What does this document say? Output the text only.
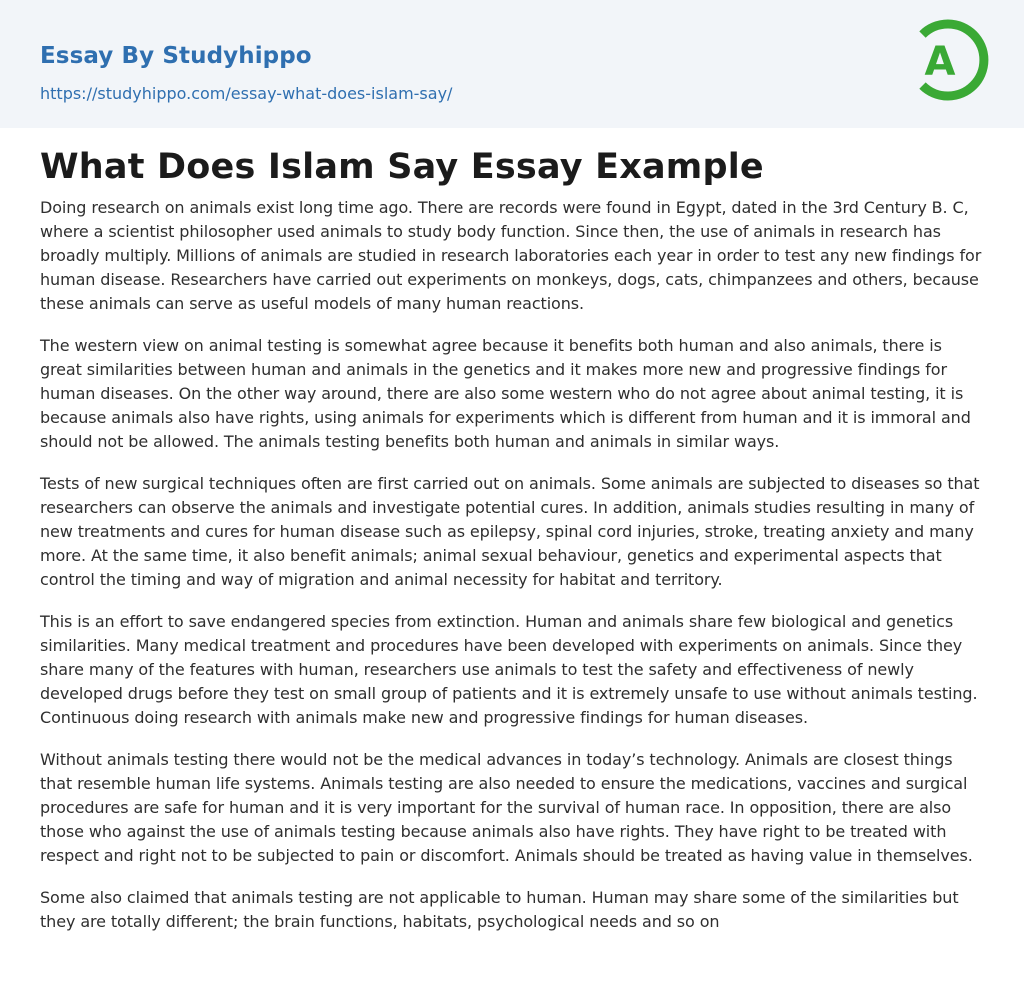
Essay By Studyhippo
https://studyhippo.com/essay-what-does-islam-say/
A
What Does Islam Say Essay Example

Doing research on animals exist long time ago. There are records were found in Egypt, dated in the 3rd Century B. C, where a scientist philosopher used animals to study body function. Since then, the use of animals in research has broadly multiply. Millions of animals are studied in research laboratories each year in order to test any new findings for human disease. Researchers have carried out experiments on monkeys, dogs, cats, chimpanzees and others, because these animals can serve as useful models of many human reactions.

The western view on animal testing is somewhat agree because it benefits both human and also animals, there is great similarities between human and animals in the genetics and it makes more new and progressive findings for human diseases. On the other way around, there are also some western who do not agree about animal testing, it is because animals also have rights, using animals for experiments which is different from human and it is immoral and should not be allowed. The animals testing benefits both human and animals in similar ways.

Tests of new surgical techniques often are first carried out on animals. Some animals are subjected to diseases so that researchers can observe the animals and investigate potential cures. In addition, animals studies resulting in many of new treatments and cures for human disease such as epilepsy, spinal cord injuries, stroke, treating anxiety and many more. At the same time, it also benefit animals; animal sexual behaviour, genetics and experimental aspects that control the timing and way of migration and animal necessity for habitat and territory.

This is an effort to save endangered species from extinction. Human and animals share few biological and genetics similarities. Many medical treatment and procedures have been developed with experiments on animals. Since they share many of the features with human, researchers use animals to test the safety and effectiveness of newly developed drugs before they test on small group of patients and it is extremely unsafe to use without animals testing. Continuous doing research with animals make new and progressive findings for human diseases.

Without animals testing there would not be the medical advances in today’s technology. Animals are closest things that resemble human life systems. Animals testing are also needed to ensure the medications, vaccines and surgical procedures are safe for human and it is very important for the survival of human race. In opposition, there are also those who against the use of animals testing because animals also have rights. They have right to be treated with respect and right not to be subjected to pain or discomfort. Animals should be treated as having value in themselves.

Some also claimed that animals testing are not applicable to human. Human may share some of the similarities but they are totally different; the brain functions, habitats, psychological needs and so on
